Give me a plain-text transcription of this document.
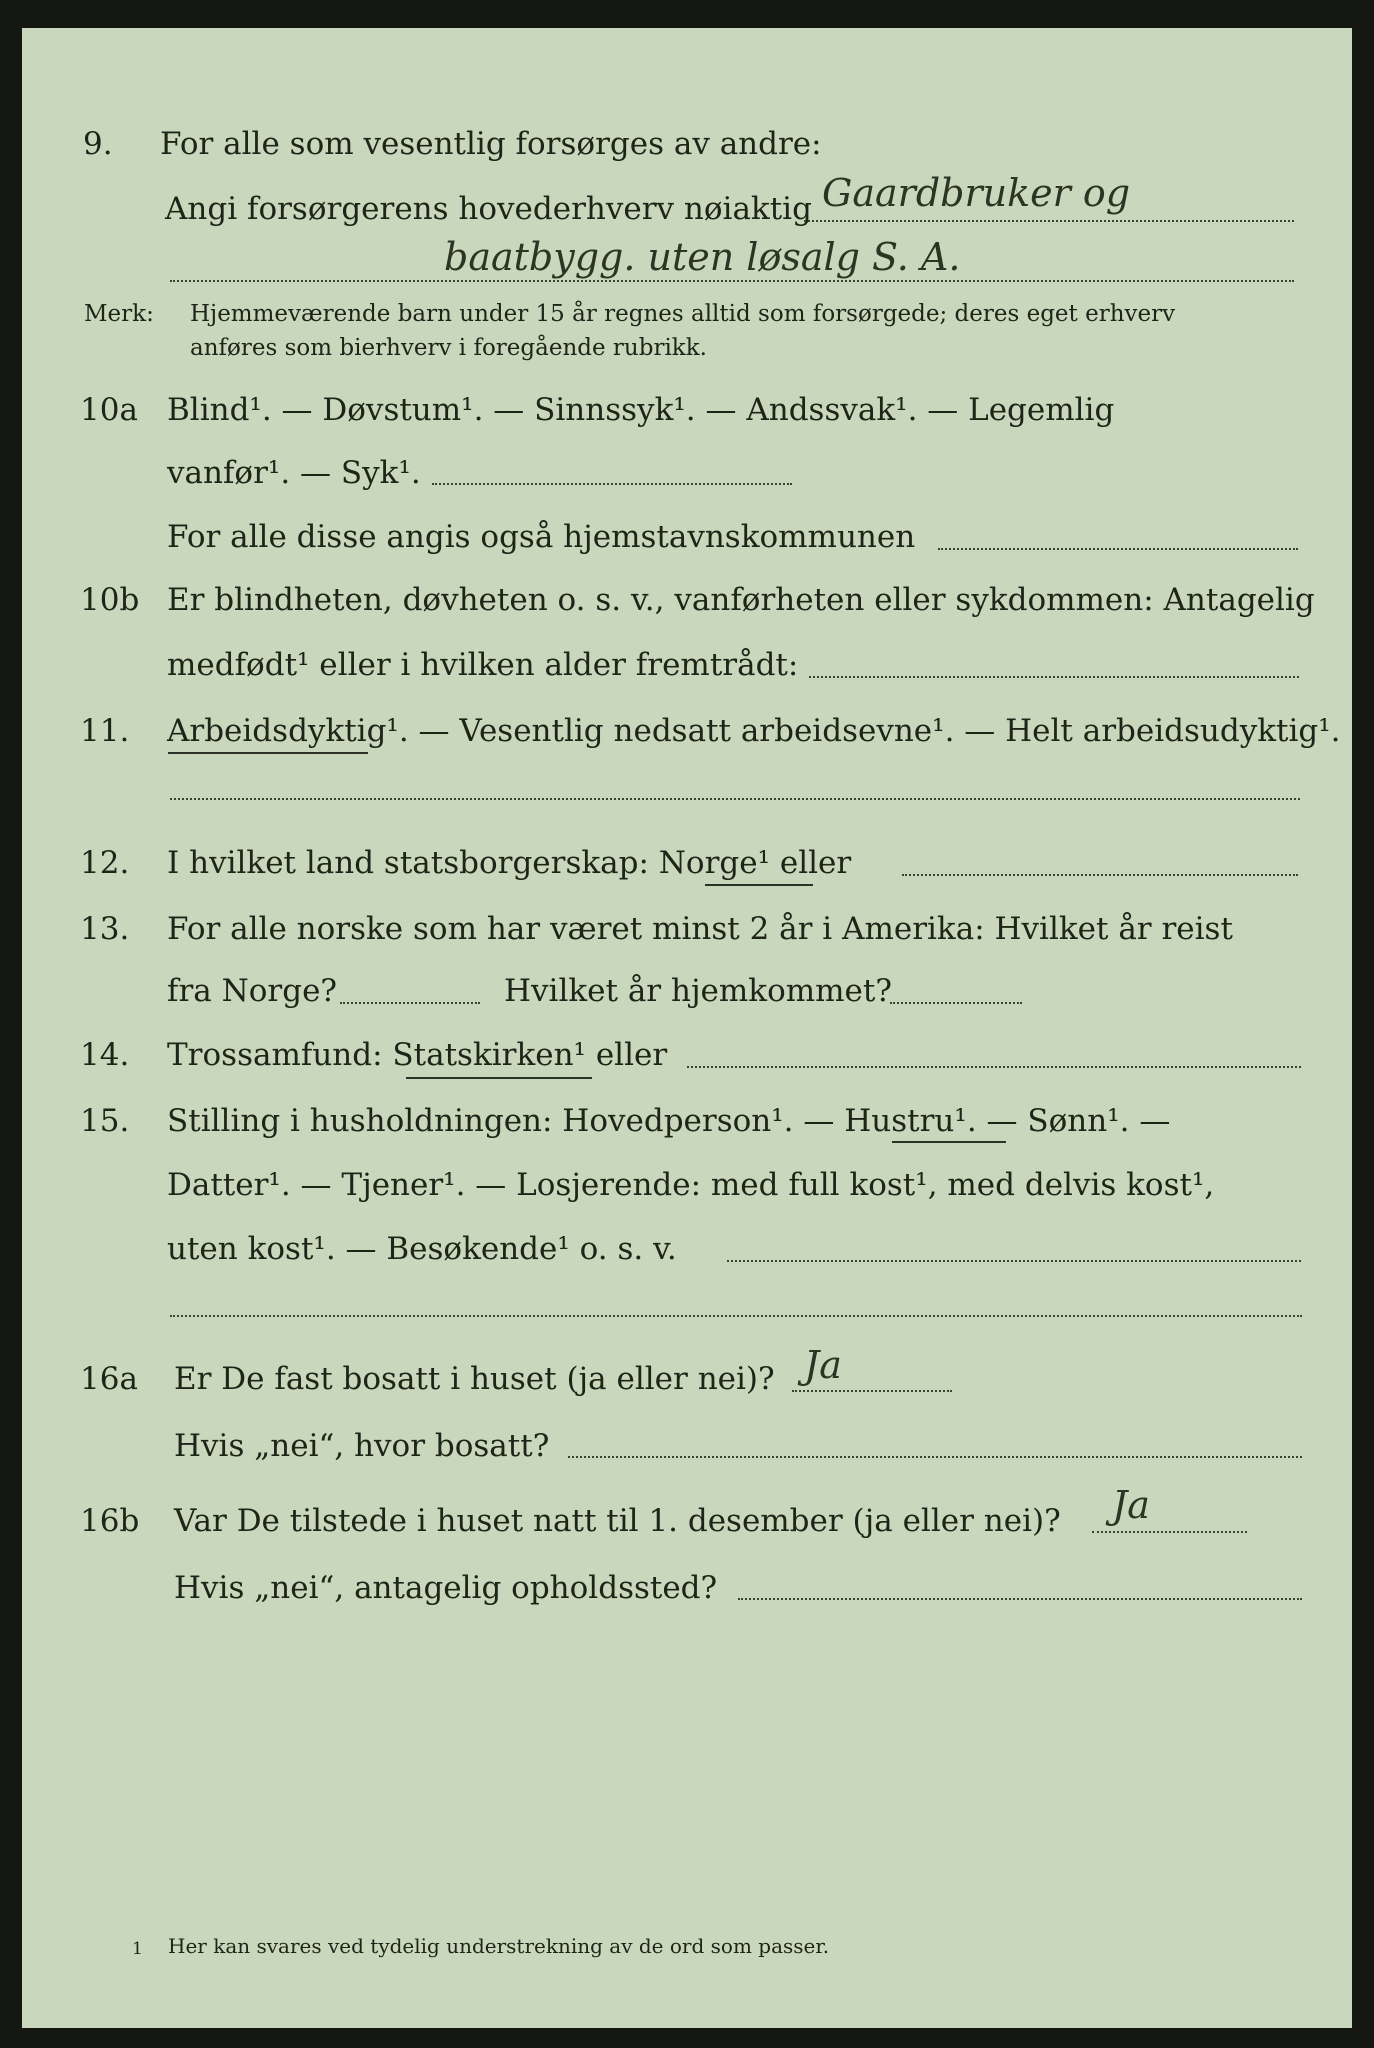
9. For alle som vesentlig forsørges av andre:
Angi forsørgerens hovederhverv nøiaktig Gaardbruker og
baatbygg. uten løsalg S. A.
Merk: Hjemmeværende barn under 15 år regnes alltid som forsørgede; deres eget erhverv
anføres som bierhverv i foregående rubrikk.
10a Blind¹. — Døvstum¹. — Sinnssyk¹. — Andssvak¹. — Legemlig
vanfør¹. — Syk¹.
For alle disse angis også hjemstavnskommunen
10b Er blindheten, døvheten o. s. v., vanførheten eller sykdommen: Antagelig
medfødt¹ eller i hvilken alder fremtrådt:
11. Arbeidsdyktig¹. — Vesentlig nedsatt arbeidsevne¹. — Helt arbeidsudyktig¹.
12. I hvilket land statsborgerskap: Norge¹ eller
13. For alle norske som har været minst 2 år i Amerika: Hvilket år reist
fra Norge?	Hvilket år hjemkommet?
14. Trossamfund: Statskirken¹ eller
15. Stilling i husholdningen: Hovedperson¹. — Hustru¹. — Sønn¹. —
Datter¹. — Tjener¹. — Losjerende: med full kost¹, med delvis kost¹,
uten kost¹. — Besøkende¹ o. s. v.
16a Er De fast bosatt i huset (ja eller nei)? Ja
Hvis „nei“, hvor bosatt?
16b Var De tilstede i huset natt til 1. desember (ja eller nei)? Ja
Hvis „nei“, antagelig opholdssted?
1 Her kan svares ved tydelig understrekning av de ord som passer.
